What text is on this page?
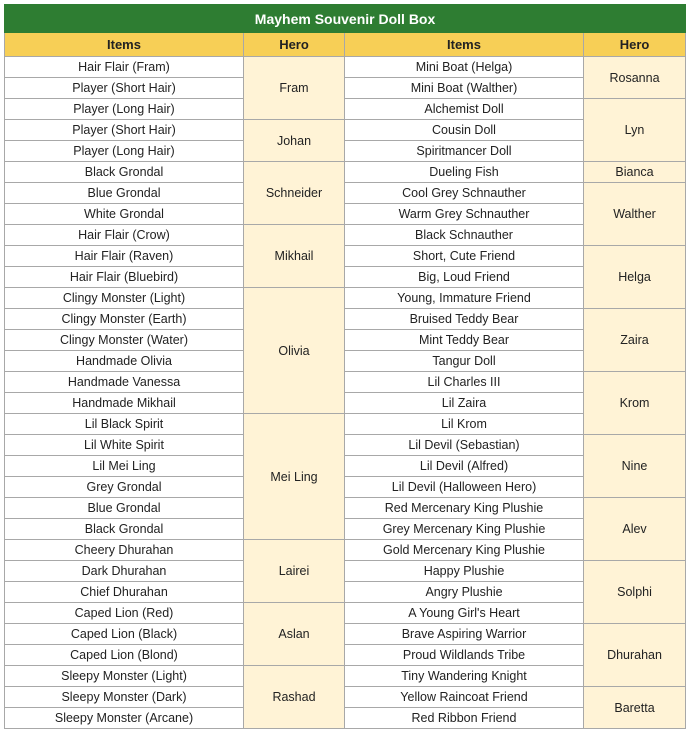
Mayhem Souvenir Doll Box			
Items	Hero	Items	Hero
Hair Flair (Fram)	Fram	Mini Boat (Helga)	Rosanna
Player (Short Hair)		Mini Boat (Walther)	
Player (Long Hair)		Alchemist Doll	Lyn
Player (Short Hair)	Johan	Cousin Doll	
Player (Long Hair)		Spiritmancer Doll	
Black Grondal	Schneider	Dueling Fish	Bianca
Blue Grondal		Cool Grey Schnauther	Walther
White Grondal		Warm Grey Schnauther	
Hair Flair (Crow)	Mikhail	Black Schnauther	
Hair Flair (Raven)		Short, Cute Friend	Helga
Hair Flair (Bluebird)		Big, Loud Friend	
Clingy Monster (Light)	Olivia	Young, Immature Friend	
Clingy Monster (Earth)		Bruised Teddy Bear	Zaira
Clingy Monster (Water)		Mint Teddy Bear	
Handmade Olivia		Tangur Doll	
Handmade Vanessa		Lil Charles III	Krom
Handmade Mikhail		Lil Zaira	
Lil Black Spirit	Mei Ling	Lil Krom	
Lil White Spirit		Lil Devil (Sebastian)	Nine
Lil Mei Ling		Lil Devil (Alfred)	
Grey Grondal		Lil Devil (Halloween Hero)	
Blue Grondal		Red Mercenary King Plushie	Alev
Black Grondal		Grey Mercenary King Plushie	
Cheery Dhurahan	Lairei	Gold Mercenary King Plushie	
Dark Dhurahan		Happy Plushie	Solphi
Chief Dhurahan		Angry Plushie	
Caped Lion (Red)	Aslan	A Young Girl's Heart	
Caped Lion (Black)		Brave Aspiring Warrior	Dhurahan
Caped Lion (Blond)		Proud Wildlands Tribe	
Sleepy Monster (Light)	Rashad	Tiny Wandering Knight	
Sleepy Monster (Dark)		Yellow Raincoat Friend	Baretta
Sleepy Monster (Arcane)		Red Ribbon Friend	
